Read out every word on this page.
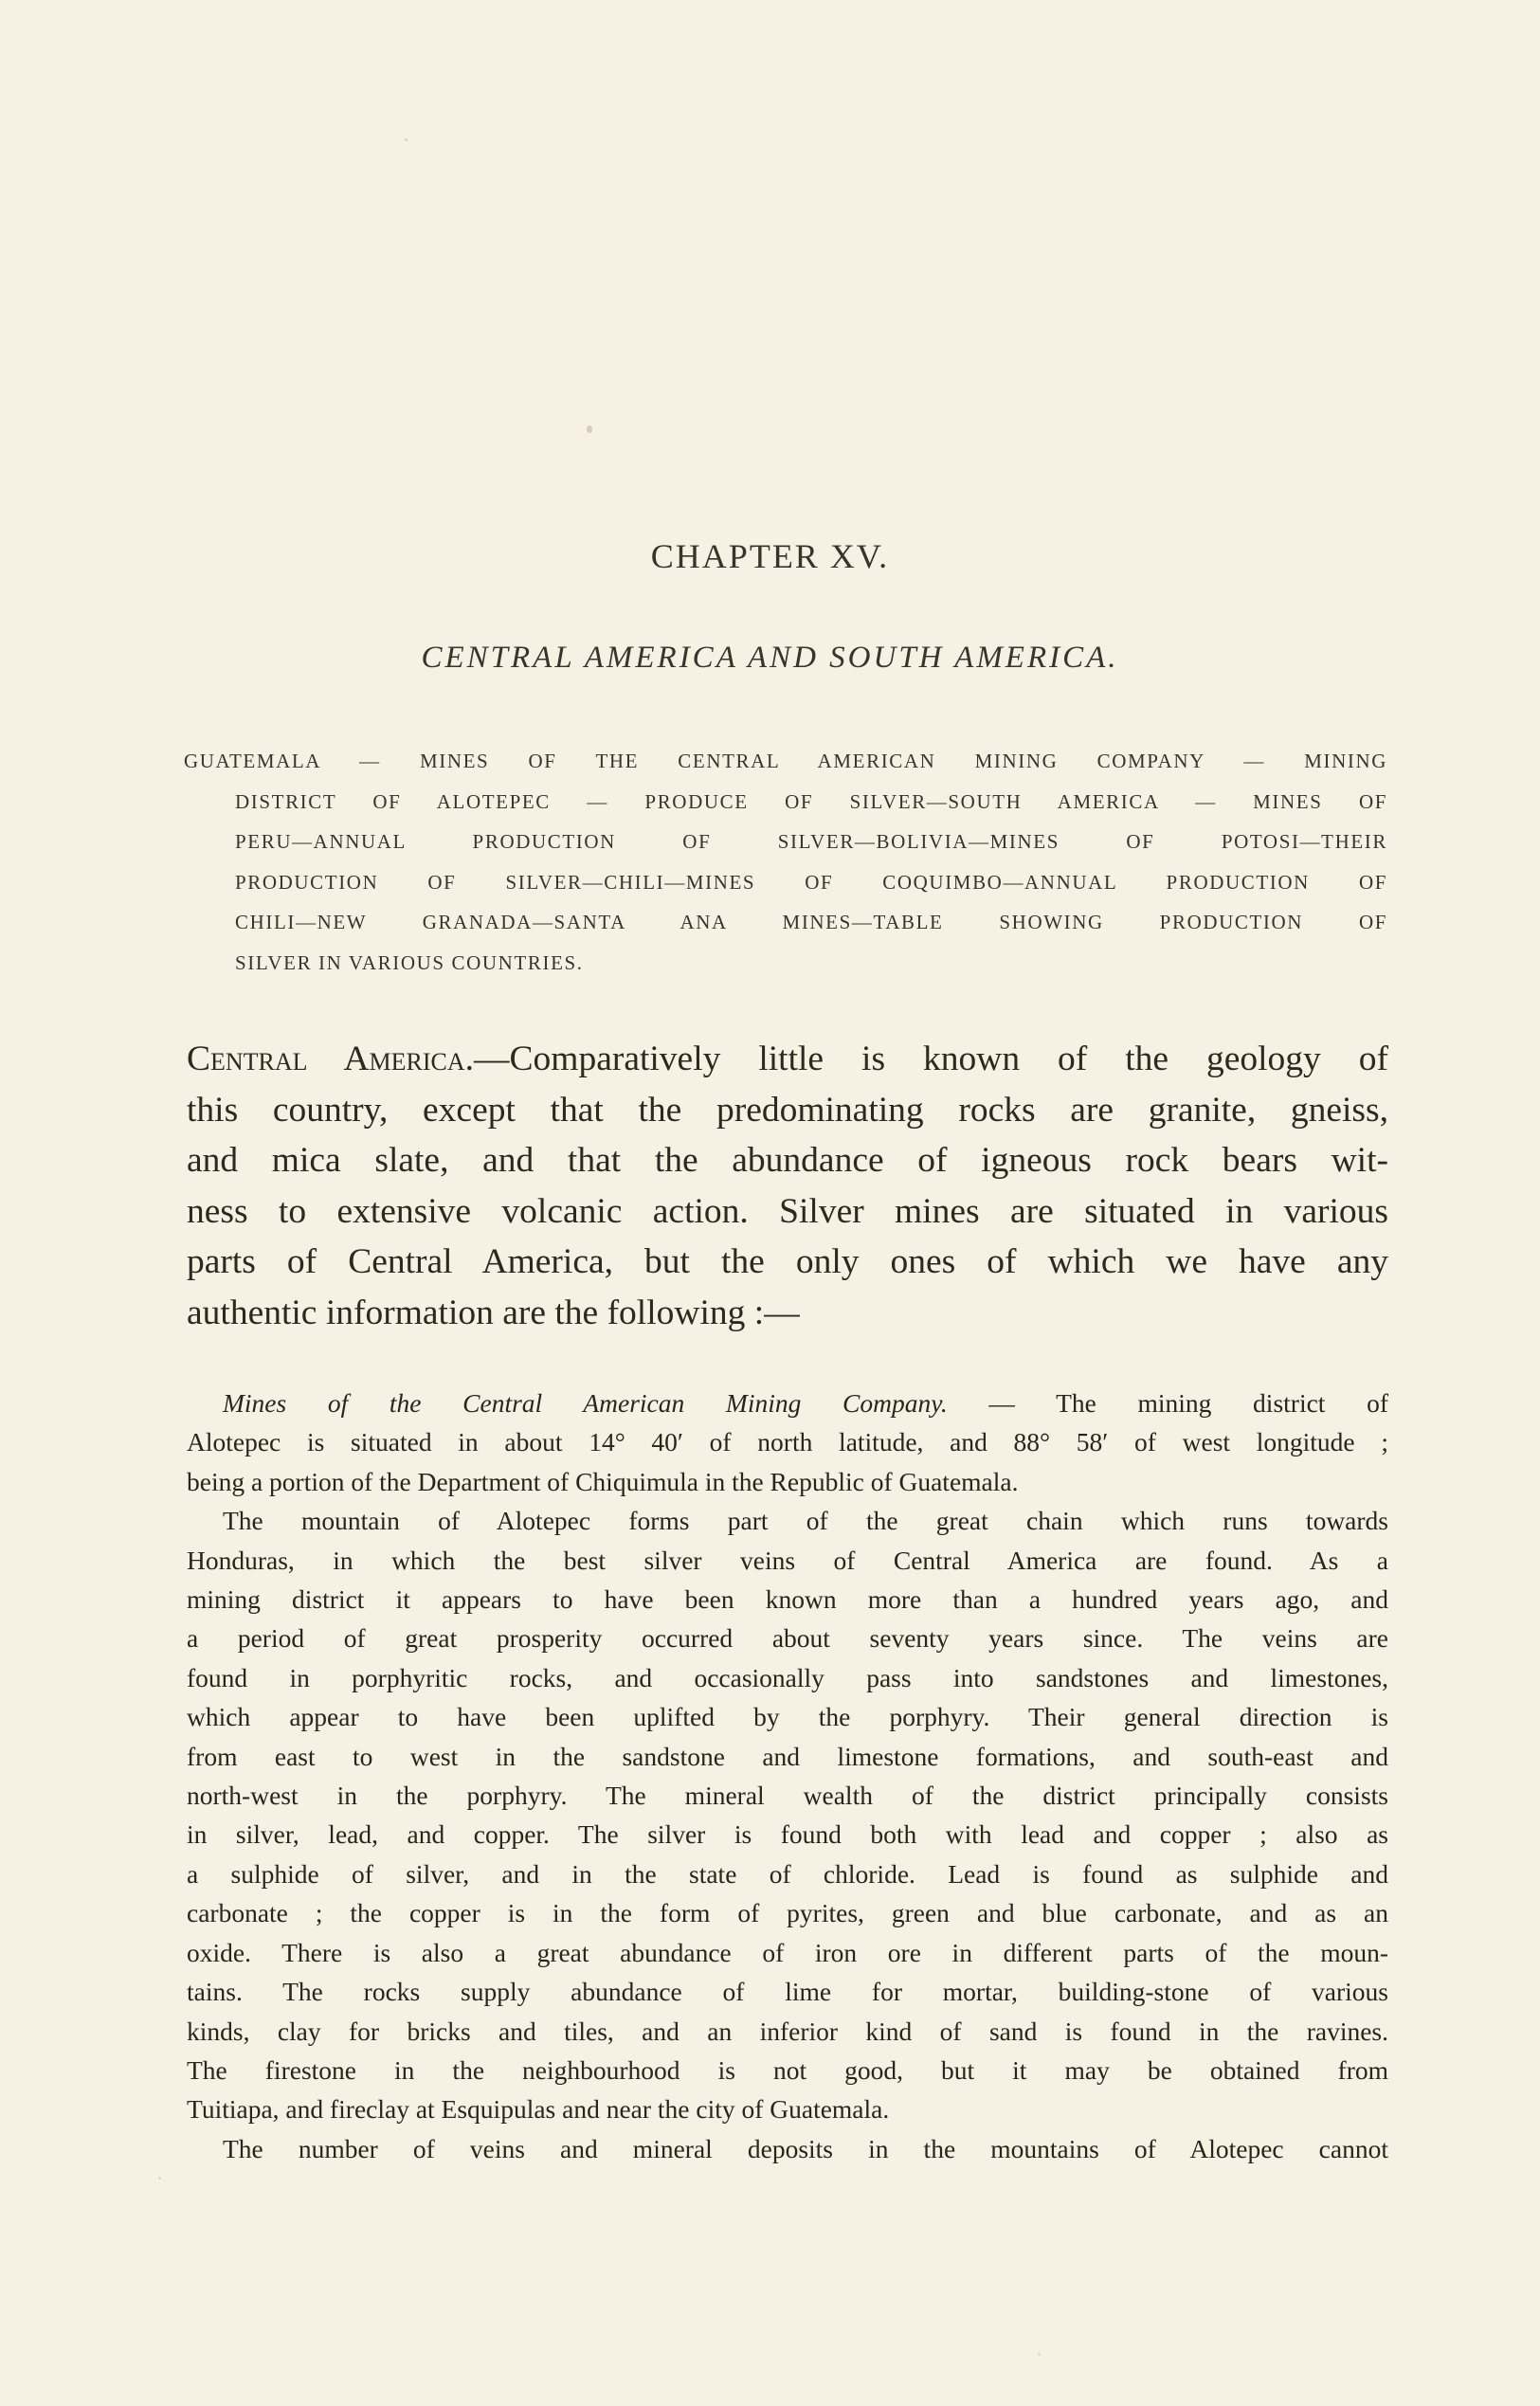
CHAPTER XV.
CENTRAL AMERICA AND SOUTH AMERICA.
GUATEMALA — MINES OF THE CENTRAL AMERICAN MINING COMPANY — MINING
DISTRICT OF ALOTEPEC — PRODUCE OF SILVER—SOUTH AMERICA — MINES OF
PERU—ANNUAL PRODUCTION OF SILVER—BOLIVIA—MINES OF POTOSI—THEIR
PRODUCTION OF SILVER—CHILI—MINES OF COQUIMBO—ANNUAL PRODUCTION OF
CHILI—NEW GRANADA—SANTA ANA MINES—TABLE SHOWING PRODUCTION OF
SILVER IN VARIOUS COUNTRIES.
Central America.—Comparatively little is known of the geology of
this country, except that the predominating rocks are granite, gneiss,
and mica slate, and that the abundance of igneous rock bears wit-
ness to extensive volcanic action. Silver mines are situated in various
parts of Central America, but the only ones of which we have any
authentic information are the following :—
Mines of the Central American Mining Company. — The mining district of
Alotepec is situated in about 14° 40′ of north latitude, and 88° 58′ of west longitude ;
being a portion of the Department of Chiquimula in the Republic of Guatemala.
The mountain of Alotepec forms part of the great chain which runs towards
Honduras, in which the best silver veins of Central America are found. As a
mining district it appears to have been known more than a hundred years ago, and
a period of great prosperity occurred about seventy years since. The veins are
found in porphyritic rocks, and occasionally pass into sandstones and limestones,
which appear to have been uplifted by the porphyry. Their general direction is
from east to west in the sandstone and limestone formations, and south-east and
north-west in the porphyry. The mineral wealth of the district principally consists
in silver, lead, and copper. The silver is found both with lead and copper ; also as
a sulphide of silver, and in the state of chloride. Lead is found as sulphide and
carbonate ; the copper is in the form of pyrites, green and blue carbonate, and as an
oxide. There is also a great abundance of iron ore in different parts of the moun-
tains. The rocks supply abundance of lime for mortar, building-stone of various
kinds, clay for bricks and tiles, and an inferior kind of sand is found in the ravines.
The firestone in the neighbourhood is not good, but it may be obtained from
Tuitiapa, and fireclay at Esquipulas and near the city of Guatemala.
The number of veins and mineral deposits in the mountains of Alotepec cannot
